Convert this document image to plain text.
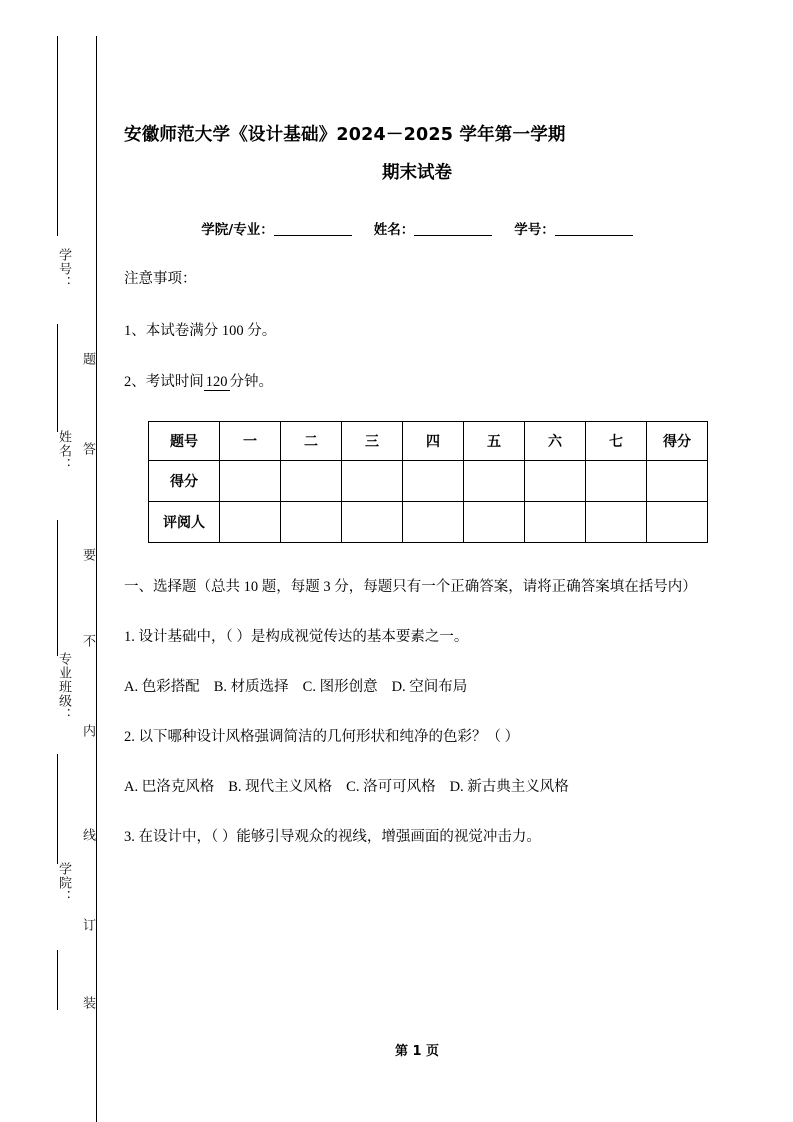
学号：
姓名：
专业班级：
学院：
题
答
要
不
内
线
订
装
安徽师范大学《设计基础》2024－2025 学年第一学期
期末试卷
学院/专业：	姓名：	学号：
注意事项：
1、本试卷满分 100 分。
2、考试时间 120 分钟。
题号	一	二	三	四	五	六	七	得分
得分								
评阅人								
一、选择题（总共 10 题，每题 3 分，每题只有一个正确答案，请将正确答案填在括号内）
1. 设计基础中，（ ）是构成视觉传达的基本要素之一。
A. 色彩搭配 B. 材质选择 C. 图形创意 D. 空间布局
2. 以下哪种设计风格强调简洁的几何形状和纯净的色彩？（ ）
A. 巴洛克风格 B. 现代主义风格 C. 洛可可风格 D. 新古典主义风格
3. 在设计中，（ ）能够引导观众的视线，增强画面的视觉冲击力。
第 1 页
